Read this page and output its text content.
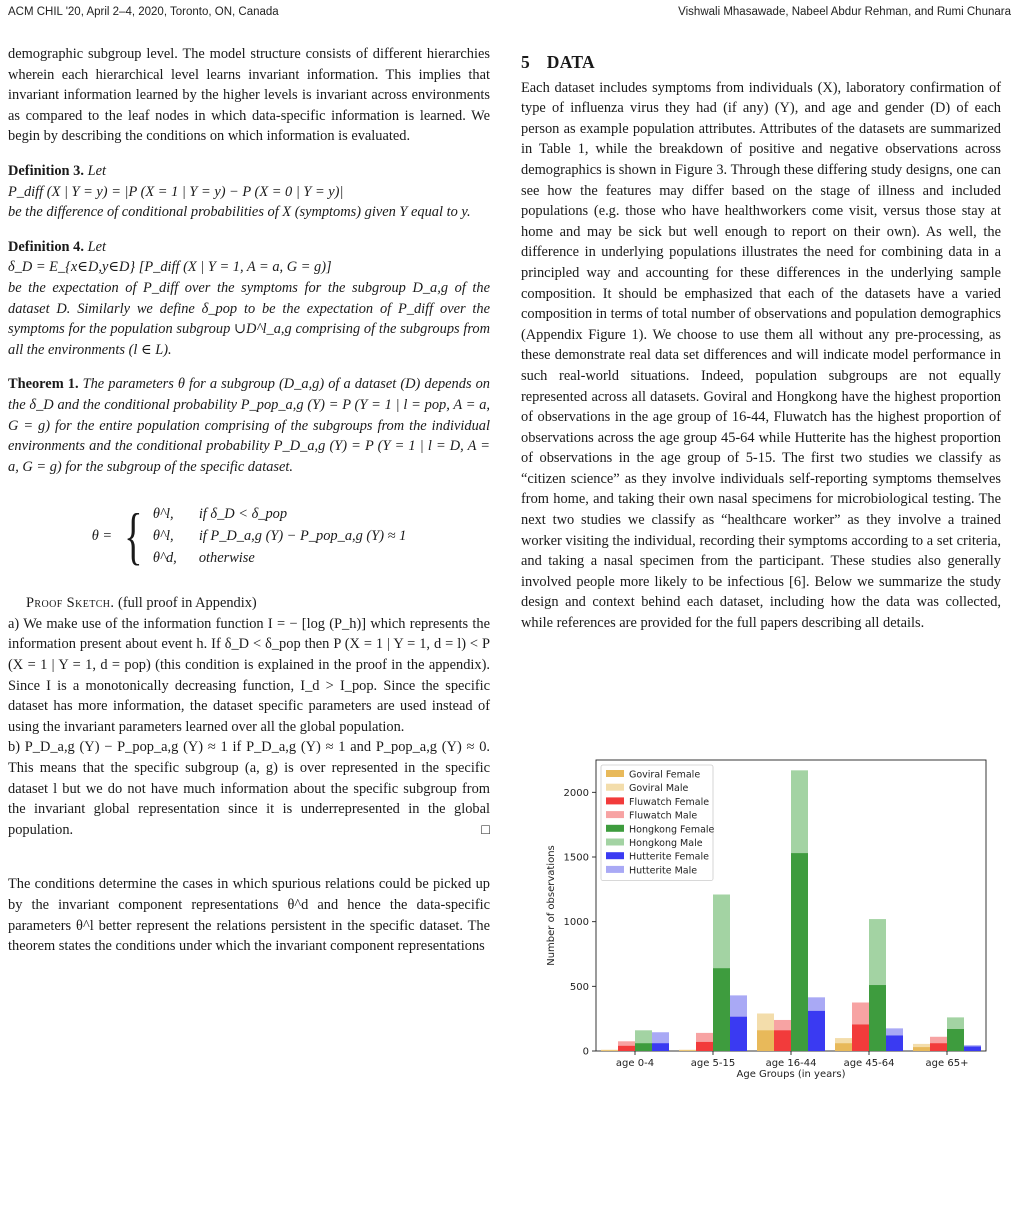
ACM CHIL '20, April 2–4, 2020, Toronto, ON, Canada	Vishwali Mhasawade, Nabeel Abdur Rehman, and Rumi Chunara

demographic subgroup level. The model structure consists of different hierarchies wherein each hierarchical level learns invariant information. This implies that invariant information learned by the higher levels is invariant across environments as compared to the leaf nodes in which data-specific information is learned. We begin by describing the conditions on which information is evaluated.

Definition 3. Let
P_diff (X | Y = y) = |P (X = 1 | Y = y) − P (X = 0 | Y = y)|
be the difference of conditional probabilities of X (symptoms) given Y equal to y.
Definition 4. Let
δ_D = E_{x∈D,y∈D} [P_diff (X | Y = 1, A = a, G = g)]
be the expectation of P_diff over the symptoms for the subgroup D_a,g of the dataset D. Similarly we define δ_pop to be the expectation of P_diff over the symptoms for the population subgroup ∪D^l_a,g comprising of the subgroups from all the environments (l ∈ L).
Theorem 1. The parameters θ for a subgroup (D_a,g) of a dataset (D) depends on the δ_D and the conditional probability P_pop_a,g (Y) = P (Y = 1 | l = pop, A = a, G = g) for the entire population comprising of the subgroups from the individual environments and the conditional probability P_D_a,g (Y) = P (Y = 1 | l = D, A = a, G = g) for the subgroup of the specific dataset.
θ = { θ^l,	if δ_D < δ_pop
θ^l,	if P_D_a,g (Y) − P_pop_a,g (Y) ≈ 1
θ^d,	otherwise

Proof Sketch. (full proof in Appendix)

a) We make use of the information function I = − [log (P_h)] which represents the information present about event h. If δ_D < δ_pop then P (X = 1 | Y = 1, d = l) < P (X = 1 | Y = 1, d = pop) (this condition is explained in the proof in the appendix). Since I is a monotonically decreasing function, I_d > I_pop. Since the specific dataset has more information, the dataset specific parameters are used instead of using the invariant parameters learned over all the global population.

b) P_D_a,g (Y) − P_pop_a,g (Y) ≈ 1 if P_D_a,g (Y) ≈ 1 and P_pop_a,g (Y) ≈ 0. This means that the specific subgroup (a, g) is over represented in the specific dataset l but we do not have much information about the specific subgroup from the invariant global representation since it is underrepresented in the global population.	□

The conditions determine the cases in which spurious relations could be picked up by the invariant component representations θ^d and hence the data-specific parameters θ^l better represent the relations persistent in the specific dataset. The theorem states the conditions under which the invariant component representations

5 DATA

Each dataset includes symptoms from individuals (X), laboratory confirmation of type of influenza virus they had (if any) (Y), and age and gender (D) of each person as example population attributes. Attributes of the datasets are summarized in Table 1, while the breakdown of positive and negative observations across demographics is shown in Figure 3. Through these differing study designs, one can see how the features may differ based on the stage of illness and included populations (e.g. those who have healthworkers come visit, versus those stay at home and may be sick but well enough to report on their own). As well, the difference in underlying populations illustrates the need for combining data in a principled way and accounting for these differences in the underlying sample composition. It should be emphasized that each of the datasets have a varied composition in terms of total number of observations and population demographics (Appendix Figure 1). We choose to use them all without any pre-processing, as these demonstrate real data set differences and will indicate model performance in such real-world situations. Indeed, population subgroups are not equally represented across all datasets. Goviral and Hongkong have the highest proportion of observations in the age group of 16-44, Fluwatch has the highest proportion of observations across the age group 45-64 while Hutterite has the highest proportion of observations in the age group of 5-15. The first two studies we classify as “citizen science” as they involve individuals self-reporting symptoms themselves from home, and taking their own nasal specimens for microbiological testing. The next two studies we classify as “healthcare worker” as they involve a trained worker visiting the individual, recording their symptoms according to a set criteria, and taking a nasal specimen from the participant. These studies also generally involved people more likely to be infectious [6]. Below we summarize the study design and context behind each dataset, including how the data was collected, while references are provided for the full papers describing all details.

0
500
1000
1500
2000
Number of observations
age 0-4	age 5-15	age 16-44	age 45-64	age 65+
Age Groups (in years)
Goviral Female
Goviral Male
Fluwatch Female
Fluwatch Male
Hongkong Female
Hongkong Male
Hutterite Female
Hutterite Male
